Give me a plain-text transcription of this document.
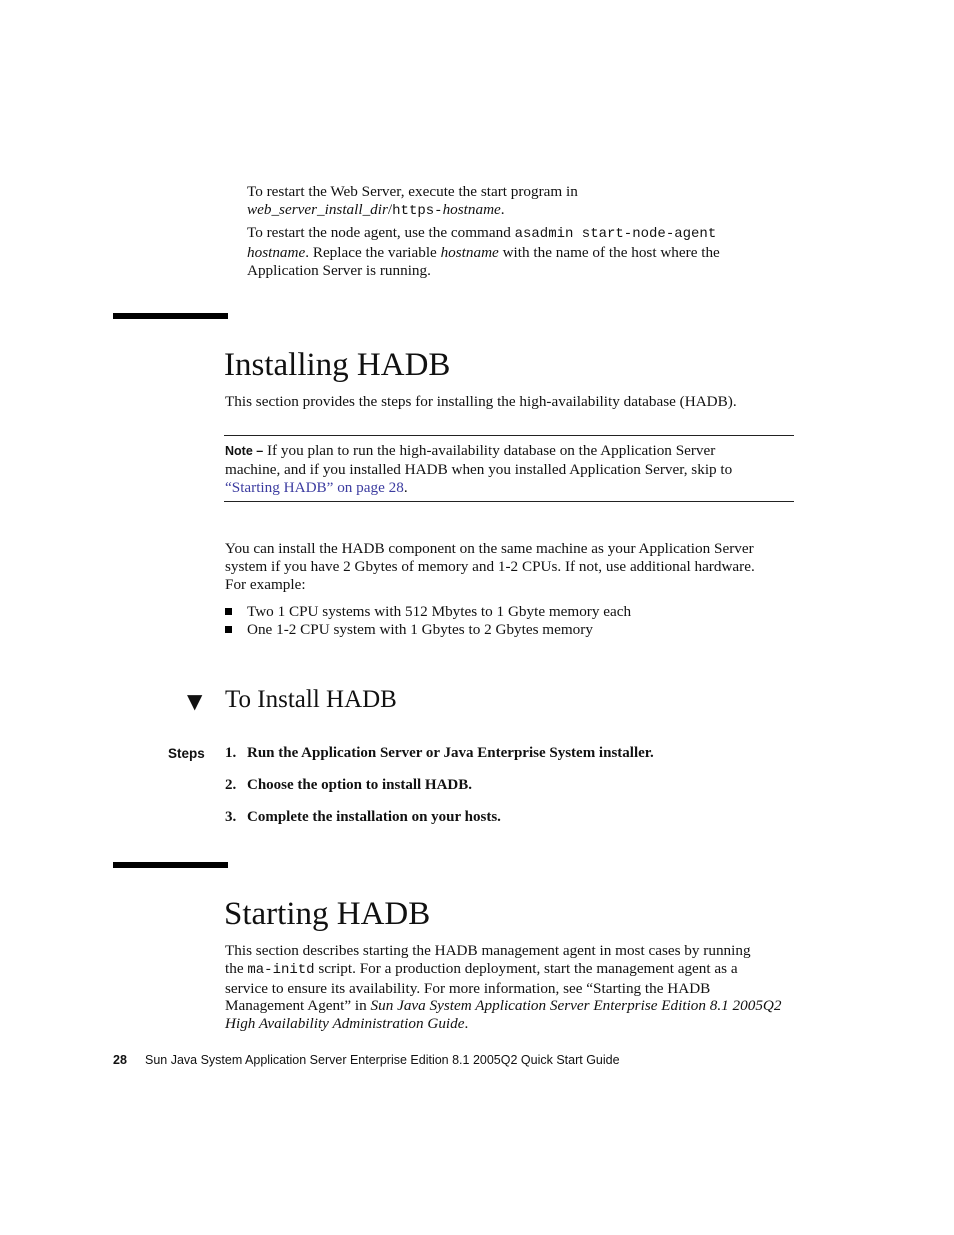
To restart the Web Server, execute the start program in
web_server_install_dir/https-hostname.
To restart the node agent, use the command asadmin start-node-agent
hostname. Replace the variable hostname with the name of the host where the
Application Server is running.
Installing HADB
This section provides the steps for installing the high-availability database (HADB).
Note – If you plan to run the high-availability database on the Application Server
machine, and if you installed HADB when you installed Application Server, skip to
“Starting HADB” on page 28.
You can install the HADB component on the same machine as your Application Server
system if you have 2 Gbytes of memory and 1-2 CPUs. If not, use additional hardware.
For example:
Two 1 CPU systems with 512 Mbytes to 1 Gbyte memory each
One 1-2 CPU system with 1 Gbytes to 2 Gbytes memory
▼ To Install HADB
Steps 1. Run the Application Server or Java Enterprise System installer.
2. Choose the option to install HADB.
3. Complete the installation on your hosts.
Starting HADB
This section describes starting the HADB management agent in most cases by running
the ma-initd script. For a production deployment, start the management agent as a
service to ensure its availability. For more information, see “Starting the HADB
Management Agent” in Sun Java System Application Server Enterprise Edition 8.1 2005Q2
High Availability Administration Guide.
28 Sun Java System Application Server Enterprise Edition 8.1 2005Q2 Quick Start Guide
